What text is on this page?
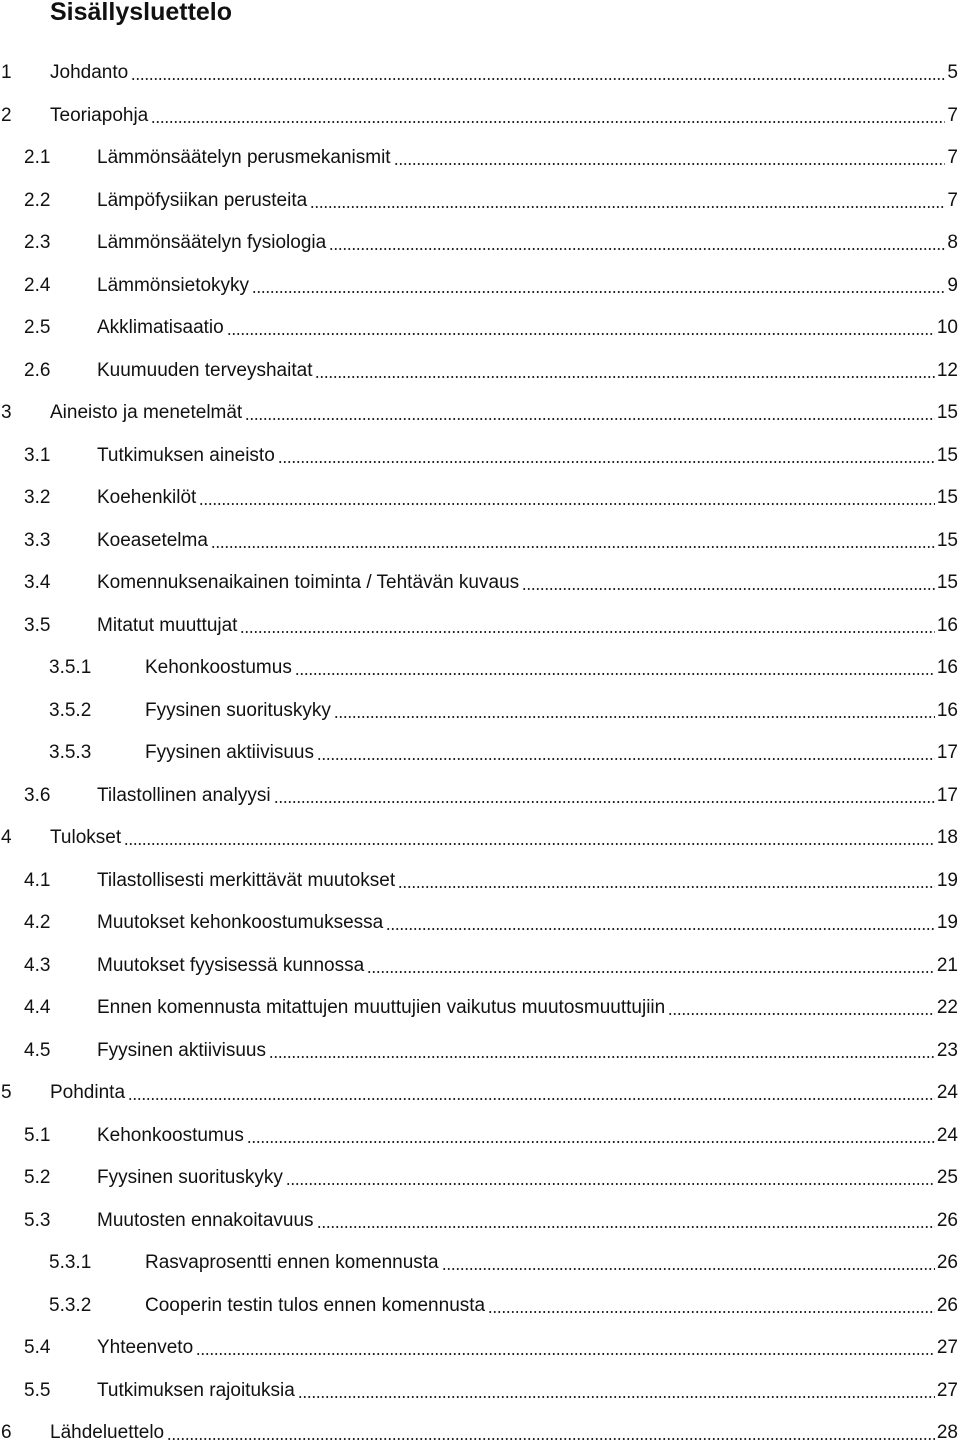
Sisällysluettelo
1	Johdanto	5
2	Teoriapohja	7
2.1	Lämmönsäätelyn perusmekanismit	7
2.2	Lämpöfysiikan perusteita	7
2.3	Lämmönsäätelyn fysiologia	8
2.4	Lämmönsietokyky	9
2.5	Akklimatisaatio	10
2.6	Kuumuuden terveyshaitat	12
3	Aineisto ja menetelmät	15
3.1	Tutkimuksen aineisto	15
3.2	Koehenkilöt	15
3.3	Koeasetelma	15
3.4	Komennuksenaikainen toiminta / Tehtävän kuvaus	15
3.5	Mitatut muuttujat	16
3.5.1	Kehonkoostumus	16
3.5.2	Fyysinen suorituskyky	16
3.5.3	Fyysinen aktiivisuus	17
3.6	Tilastollinen analyysi	17
4	Tulokset	18
4.1	Tilastollisesti merkittävät muutokset	19
4.2	Muutokset kehonkoostumuksessa	19
4.3	Muutokset fyysisessä kunnossa	21
4.4	Ennen komennusta mitattujen muuttujien vaikutus muutosmuuttujiin	22
4.5	Fyysinen aktiivisuus	23
5	Pohdinta	24
5.1	Kehonkoostumus	24
5.2	Fyysinen suorituskyky	25
5.3	Muutosten ennakoitavuus	26
5.3.1	Rasvaprosentti ennen komennusta	26
5.3.2	Cooperin testin tulos ennen komennusta	26
5.4	Yhteenveto	27
5.5	Tutkimuksen rajoituksia	27
6	Lähdeluettelo	28
